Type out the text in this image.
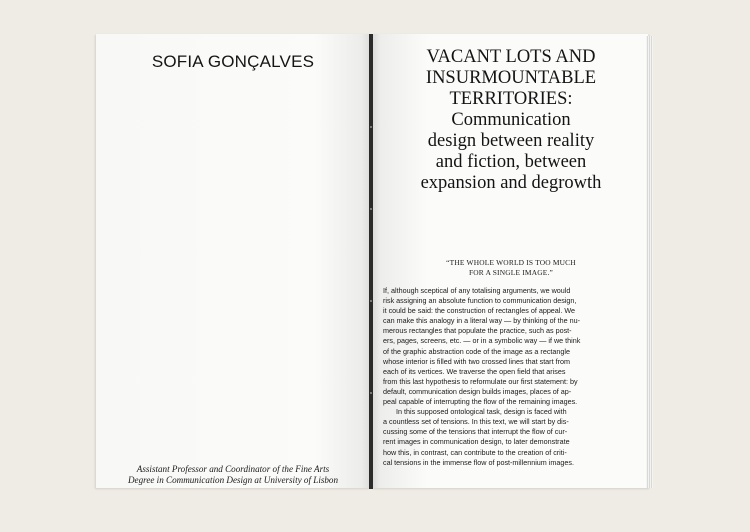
SOFIA GONÇALVES
Assistant Professor and Coordinator of the Fine Arts
Degree in Communication Design at University of Lisbon
VACANT LOTS AND
INSURMOUNTABLE
TERRITORIES:
Communication
design between reality
and fiction, between
expansion and degrowth
“THE WHOLE WORLD IS TOO MUCH
FOR A SINGLE IMAGE.”
If, although sceptical of any totalising arguments, we would
risk assigning an absolute function to communication design,
it could be said: the construction of rectangles of appeal. We
can make this analogy in a literal way — by thinking of the nu-
merous rectangles that populate the practice, such as post-
ers, pages, screens, etc. — or in a symbolic way — if we think
of the graphic abstraction code of the image as a rectangle
whose interior is filled with two crossed lines that start from
each of its vertices. We traverse the open field that arises
from this last hypothesis to reformulate our first statement: by
default, communication design builds images, places of ap-
peal capable of interrupting the flow of the remaining images.
In this supposed ontological task, design is faced with
a countless set of tensions. In this text, we will start by dis-
cussing some of the tensions that interrupt the flow of cur-
rent images in communication design, to later demonstrate
how this, in contrast, can contribute to the creation of criti-
cal tensions in the immense flow of post-millennium images.
